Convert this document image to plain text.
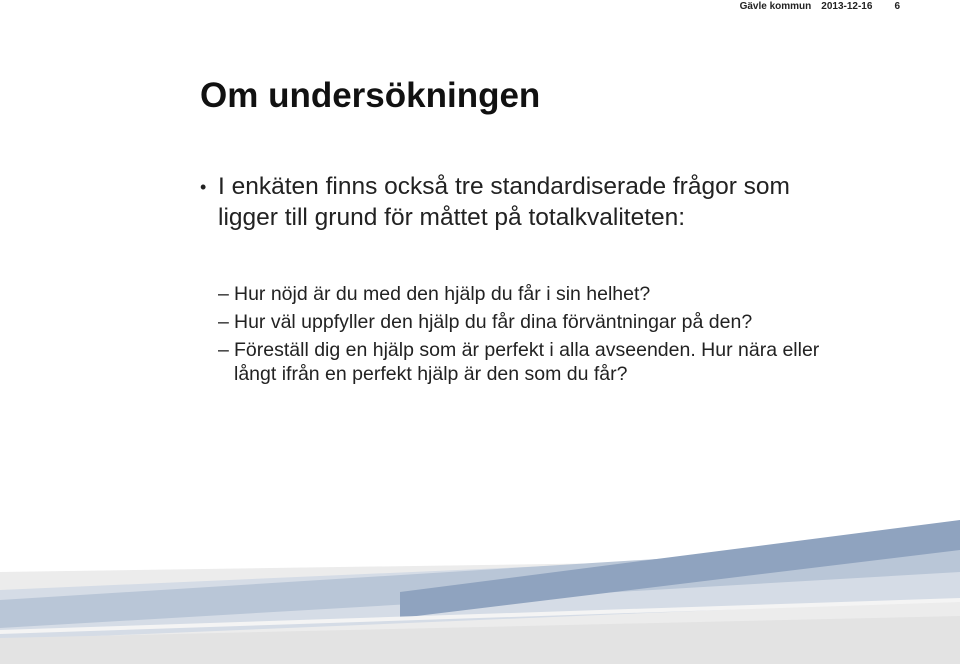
Gävle kommun 2013-12-16 6
Om undersökningen
• I enkäten finns också tre standardiserade frågor som ligger till grund för måttet på totalkvaliteten:
– Hur nöjd är du med den hjälp du får i sin helhet?
– Hur väl uppfyller den hjälp du får dina förväntningar på den?
– Föreställ dig en hjälp som är perfekt i alla avseenden. Hur nära eller långt ifrån en perfekt hjälp är den som du får?
